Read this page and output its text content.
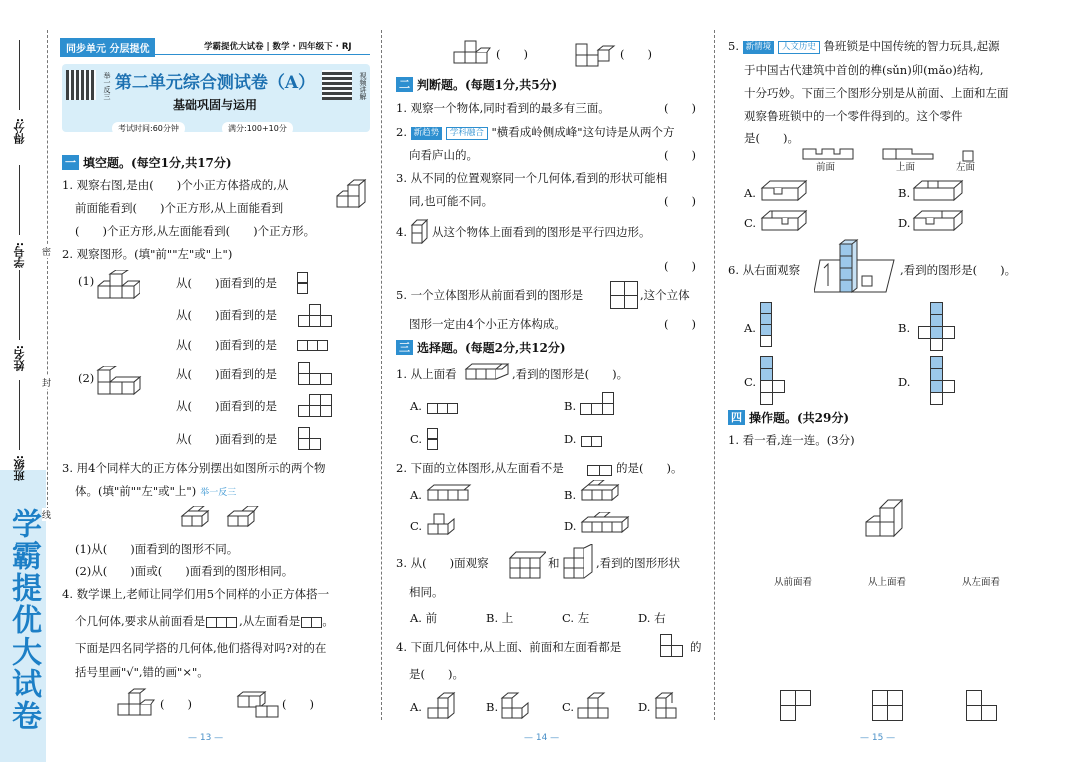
学霸提优大试卷
得分:
学号:
姓名:
班级:
密
封
线
同步单元 分层提优	学霸提优大试卷 | 数学 · 四年级下 · RJ
举一反三	视频讲解
第二单元综合测试卷（A）
基础巩固与运用
考试时间:60分钟	满分:100+10分
一 填空题。(每空1分,共17分)
1. 观察右图,是由(　　)个小正方体搭成的,从
前面能看到(　　)个正方形,从上面能看到
(　　)个正方形,从左面能看到(　　)个正方形。
2. 观察图形。(填"前""左"或"上")
(1)	从(　　)面看到的是
从(　　)面看到的是
从(　　)面看到的是
(2)	从(　　)面看到的是
从(　　)面看到的是
从(　　)面看到的是
3. 用4个同样大的正方体分别摆出如图所示的两个物
体。(填"前""左"或"上") 举一反三
(1)从(　　)面看到的图形不同。
(2)从(　　)面或(　　)面看到的图形相同。
4. 数学课上,老师让同学们用5个同样的小正方体搭一
个几何体,要求从前面看是	,从左面看是 。
下面是四名同学搭的几何体,他们搭得对吗?对的在
括号里画"√",错的画"×"。
(　　)	(　　)
— 13 —
(　　)	(　　)
二 判断题。(每题1分,共5分)
1. 观察一个物体,同时看到的最多有三面。	(　　)
2. 新趋势 学科融合 "横看成岭侧成峰"这句诗是从两个方
向看庐山的。	(　　)
3. 从不同的位置观察同一个几何体,看到的形状可能相
同,也可能不同。	(　　)
4. 从这个物体上面看到的图形是平行四边形。
(　　)
5. 一个立体图形从前面看到的图形是	,这个立体
图形一定由4个小正方体构成。	(　　)
三 选择题。(每题2分,共12分)
1. 从上面看	,看到的图形是(　　)。
A.	B.
C.	D.
2. 下面的立体图形,从左面看不是	的是(　　)。
A.	B.
C.	D.
3. 从(　　)面观察	和	,看到的图形形状
相同。
A. 前	B. 上	C. 左	D. 右
4. 下面几何体中,从上面、前面和左面看都是	的
是(　　)。
A.	B.	C.	D.
— 14 —
5. 新情境 人文历史 鲁班锁是中国传统的智力玩具,起源
于中国古代建筑中首创的榫(sǔn)卯(mǎo)结构,
十分巧妙。下面三个图形分别是从前面、上面和左面
观察鲁班锁中的一个零件得到的。这个零件
是(　　)。
前面	上面	左面
A.	B.
C.	D.
6. 从右面观察	,看到的图形是(　　)。
A.	B.
C.	D.
四 操作题。(共29分)
1. 看一看,连一连。(3分)
从前面看	从上面看	从左面看
— 15 —
